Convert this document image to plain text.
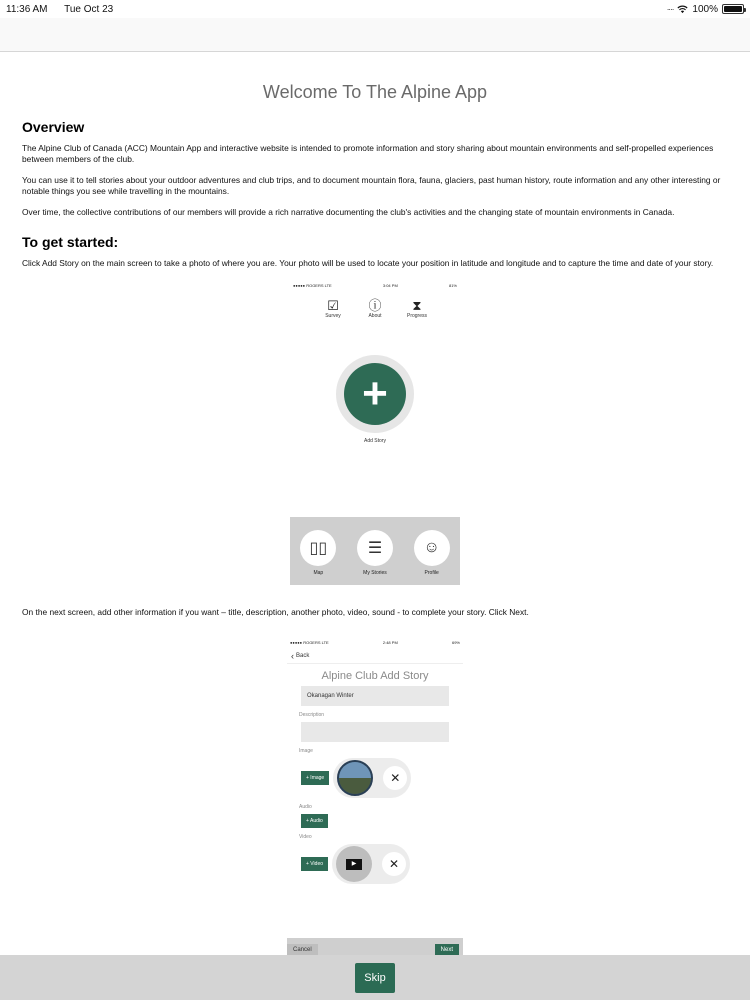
11:36 AM Tue Oct 23	···· 100%
Welcome To The Alpine App
Overview

The Alpine Club of Canada (ACC) Mountain App and interactive website is intended to promote information and story sharing about mountain environments and self-propelled experiences between members of the club.

You can use it to tell stories about your outdoor adventures and club trips, and to document mountain flora, fauna, glaciers, past human history, route information and any other interesting or notable things you see while travelling in the mountains.

Over time, the collective contributions of our members will provide a rich narrative documenting the club's activities and the changing state of mountain environments in Canada.

To get started:

Click Add Story on the main screen to take a photo of where you are. Your photo will be used to locate your position in latitude and longitude and to capture the time and date of your story.

●●●●● ROGERS LTE	3:04 PM	81%
☑
Survey
ⓘ
About
⧗
Progress
+
Add Story
▯▯
Map
☰
My Stories
☺
Profile

On the next screen, add other information if you want – title, description, another photo, video, sound - to complete your story. Click Next.

●●●●● ROGERS LTE	2:48 PM	69%
‹ Back
Alpine Club Add Story
Okanagan Winter
Description
Image
+ Image	✕
Audio
+ Audio
Video
+ Video	▶	✕
Cancel	Next
Skip
